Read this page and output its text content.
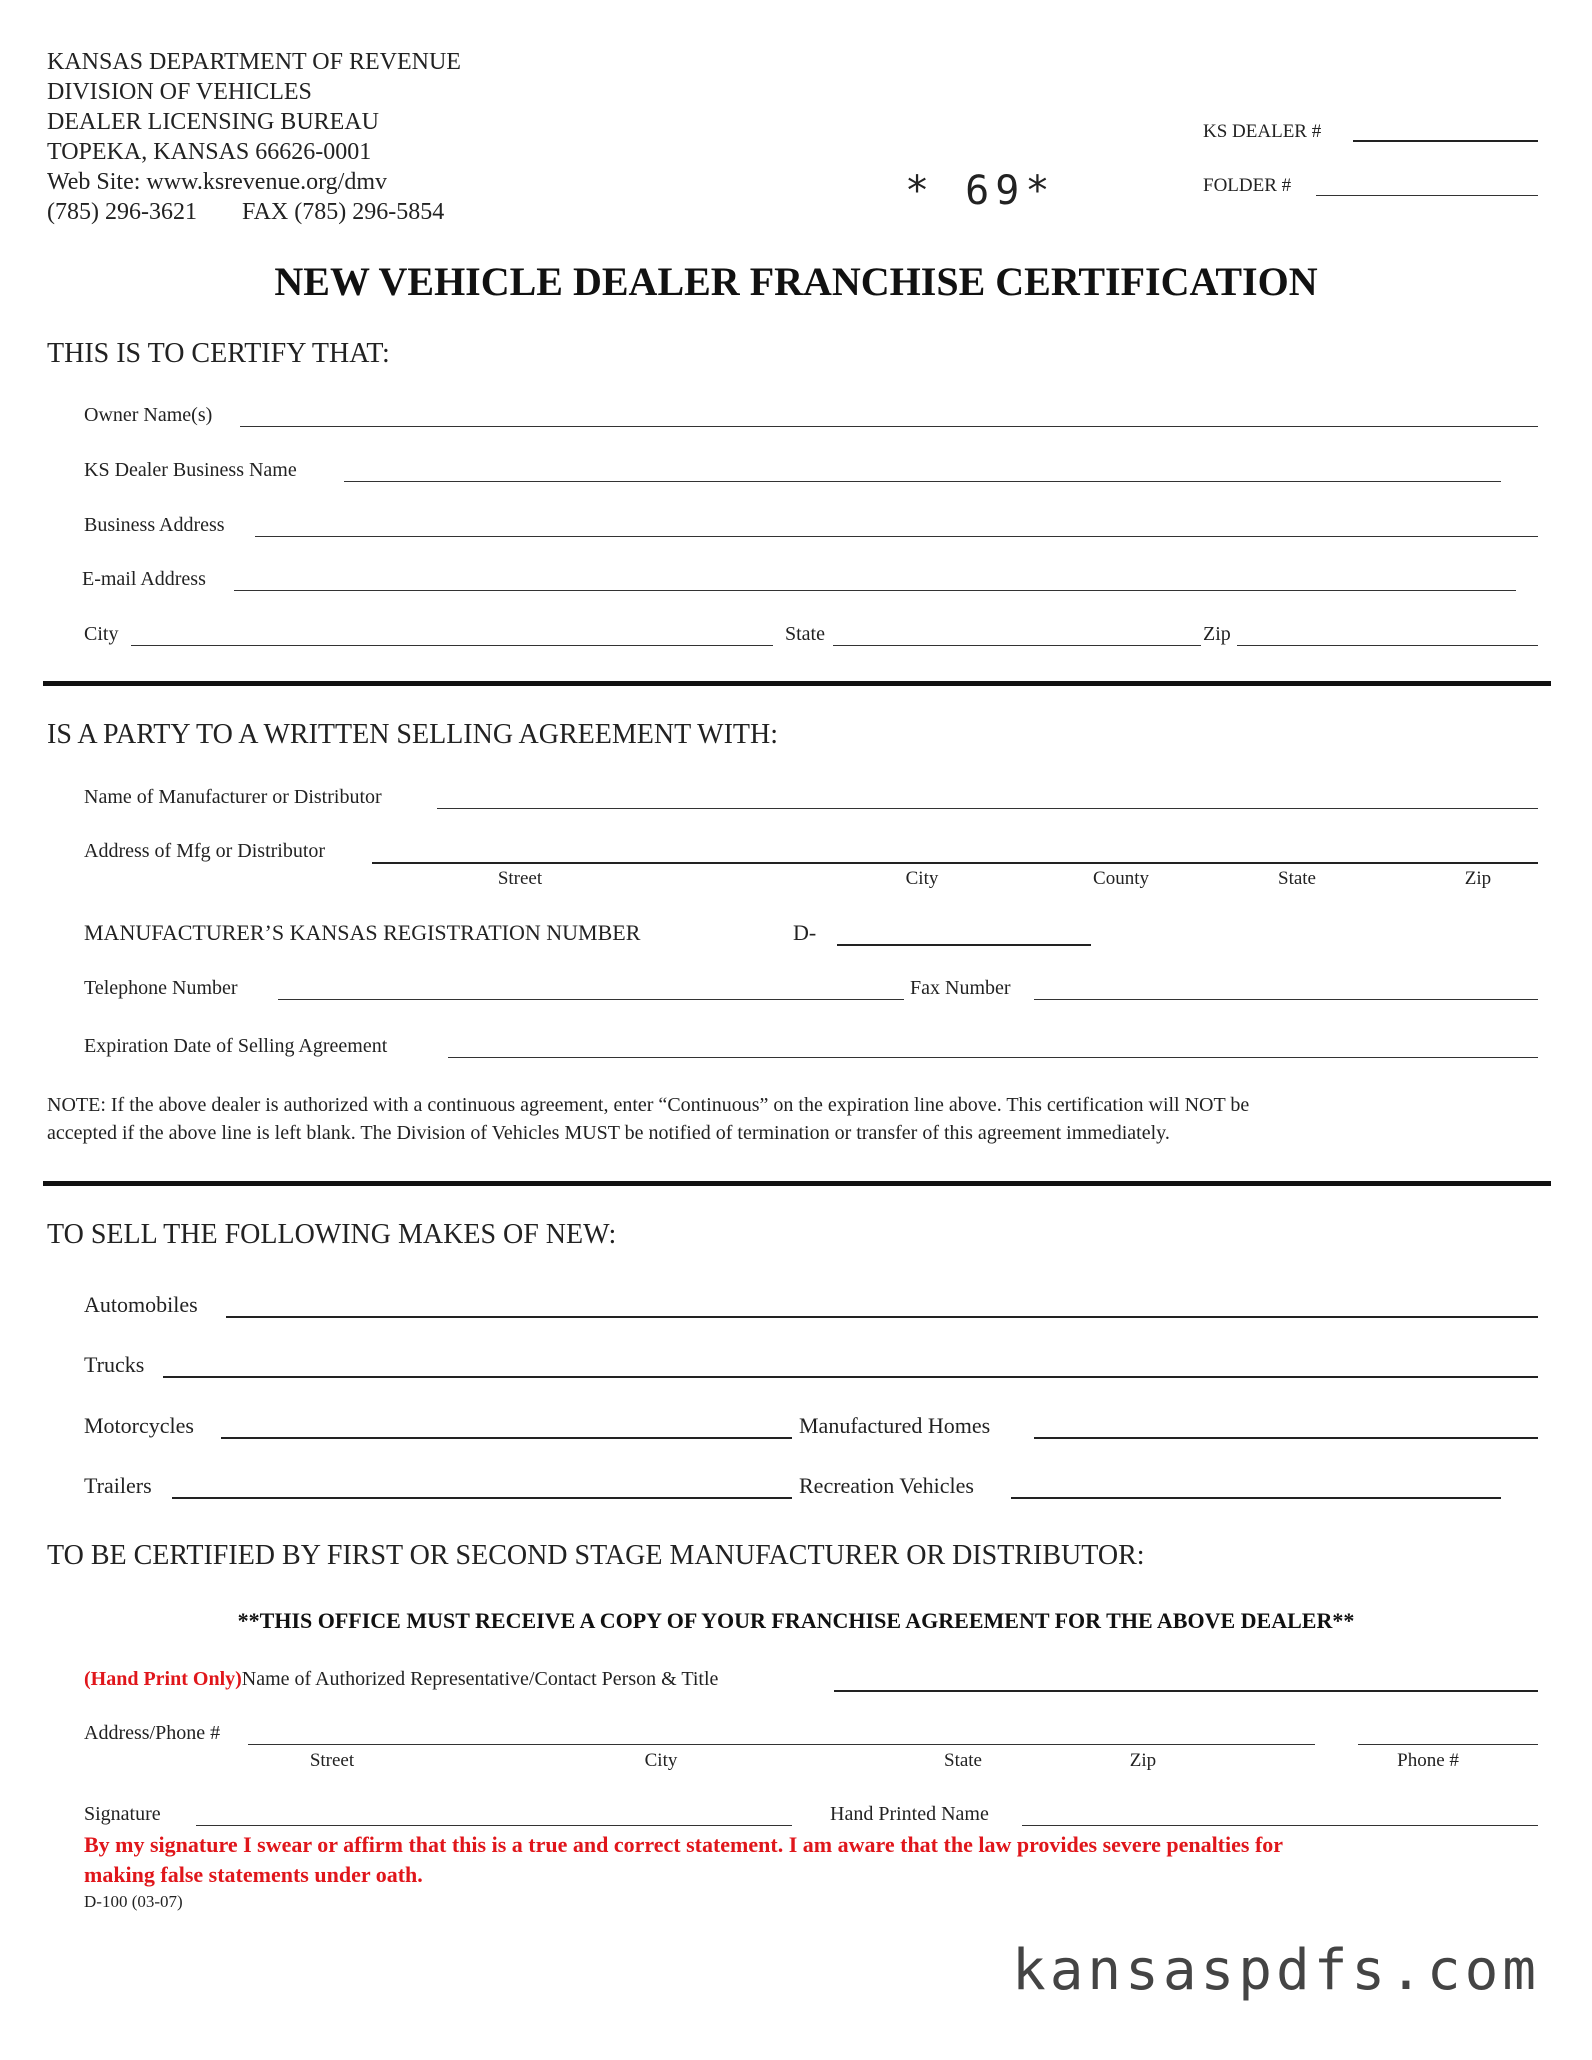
KANSAS DEPARTMENT OF REVENUE
DIVISION OF VEHICLES
DEALER LICENSING BUREAU
TOPEKA, KANSAS 66626-0001
Web Site: www.ksrevenue.org/dmv
(785) 296-3621 FAX (785) 296-5854	* 69*
KS DEALER #
FOLDER #
NEW VEHICLE DEALER FRANCHISE CERTIFICATION
THIS IS TO CERTIFY THAT:
Owner Name(s)
KS Dealer Business Name
Business Address
E-mail Address
City	State	Zip
IS A PARTY TO A WRITTEN SELLING AGREEMENT WITH:
Name of Manufacturer or Distributor
Address of Mfg or Distributor
Street	City	County	State	Zip
MANUFACTURER’S KANSAS REGISTRATION NUMBER	D-
Telephone Number	Fax Number
Expiration Date of Selling Agreement
NOTE: If the above dealer is authorized with a continuous agreement, enter “Continuous” on the expiration line above. This certification will NOT be
accepted if the above line is left blank. The Division of Vehicles MUST be notified of termination or transfer of this agreement immediately.
TO SELL THE FOLLOWING MAKES OF NEW:
Automobiles
Trucks
Motorcycles	Manufactured Homes
Trailers	Recreation Vehicles
TO BE CERTIFIED BY FIRST OR SECOND STAGE MANUFACTURER OR DISTRIBUTOR:
**THIS OFFICE MUST RECEIVE A COPY OF YOUR FRANCHISE AGREEMENT FOR THE ABOVE DEALER**
(Hand Print Only)Name of Authorized Representative/Contact Person & Title
Address/Phone #
Street	City	State	Zip	Phone #
Signature	Hand Printed Name
By my signature I swear or affirm that this is a true and correct statement. I am aware that the law provides severe penalties for
making false statements under oath.
D-100 (03-07)
kansaspdfs.com
